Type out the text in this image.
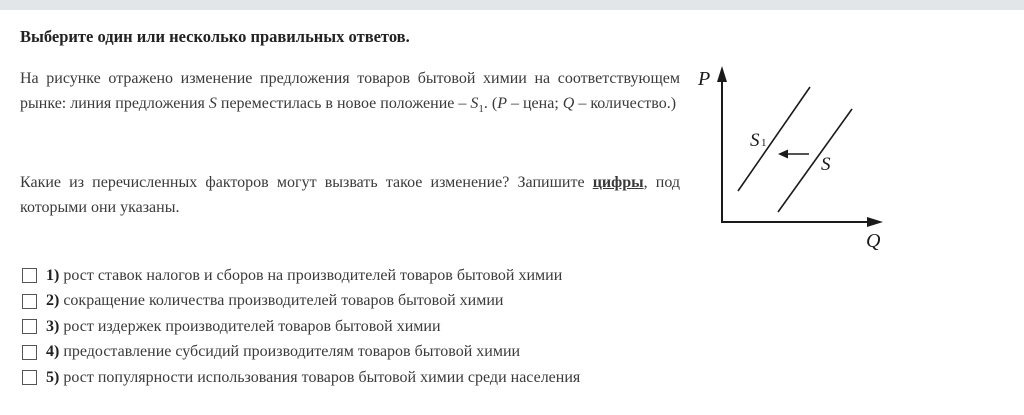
Выберите один или несколько правильных ответов.
На рисунке отражено изменение предложения товаров бытовой химии на соответствующем рынке: линия предложения S переместилась в новое положение – $S_1$. (P – цена; Q – количество.)
Какие из перечисленных факторов могут вызвать такое изменение? Запишите цифры, под которыми они указаны.
P
Q
S 1
S
1) рост ставок налогов и сборов на производителей товаров бытовой химии
2) сокращение количества производителей товаров бытовой химии
3) рост издержек производителей товаров бытовой химии
4) предоставление субсидий производителям товаров бытовой химии
5) рост популярности использования товаров бытовой химии среди населения
